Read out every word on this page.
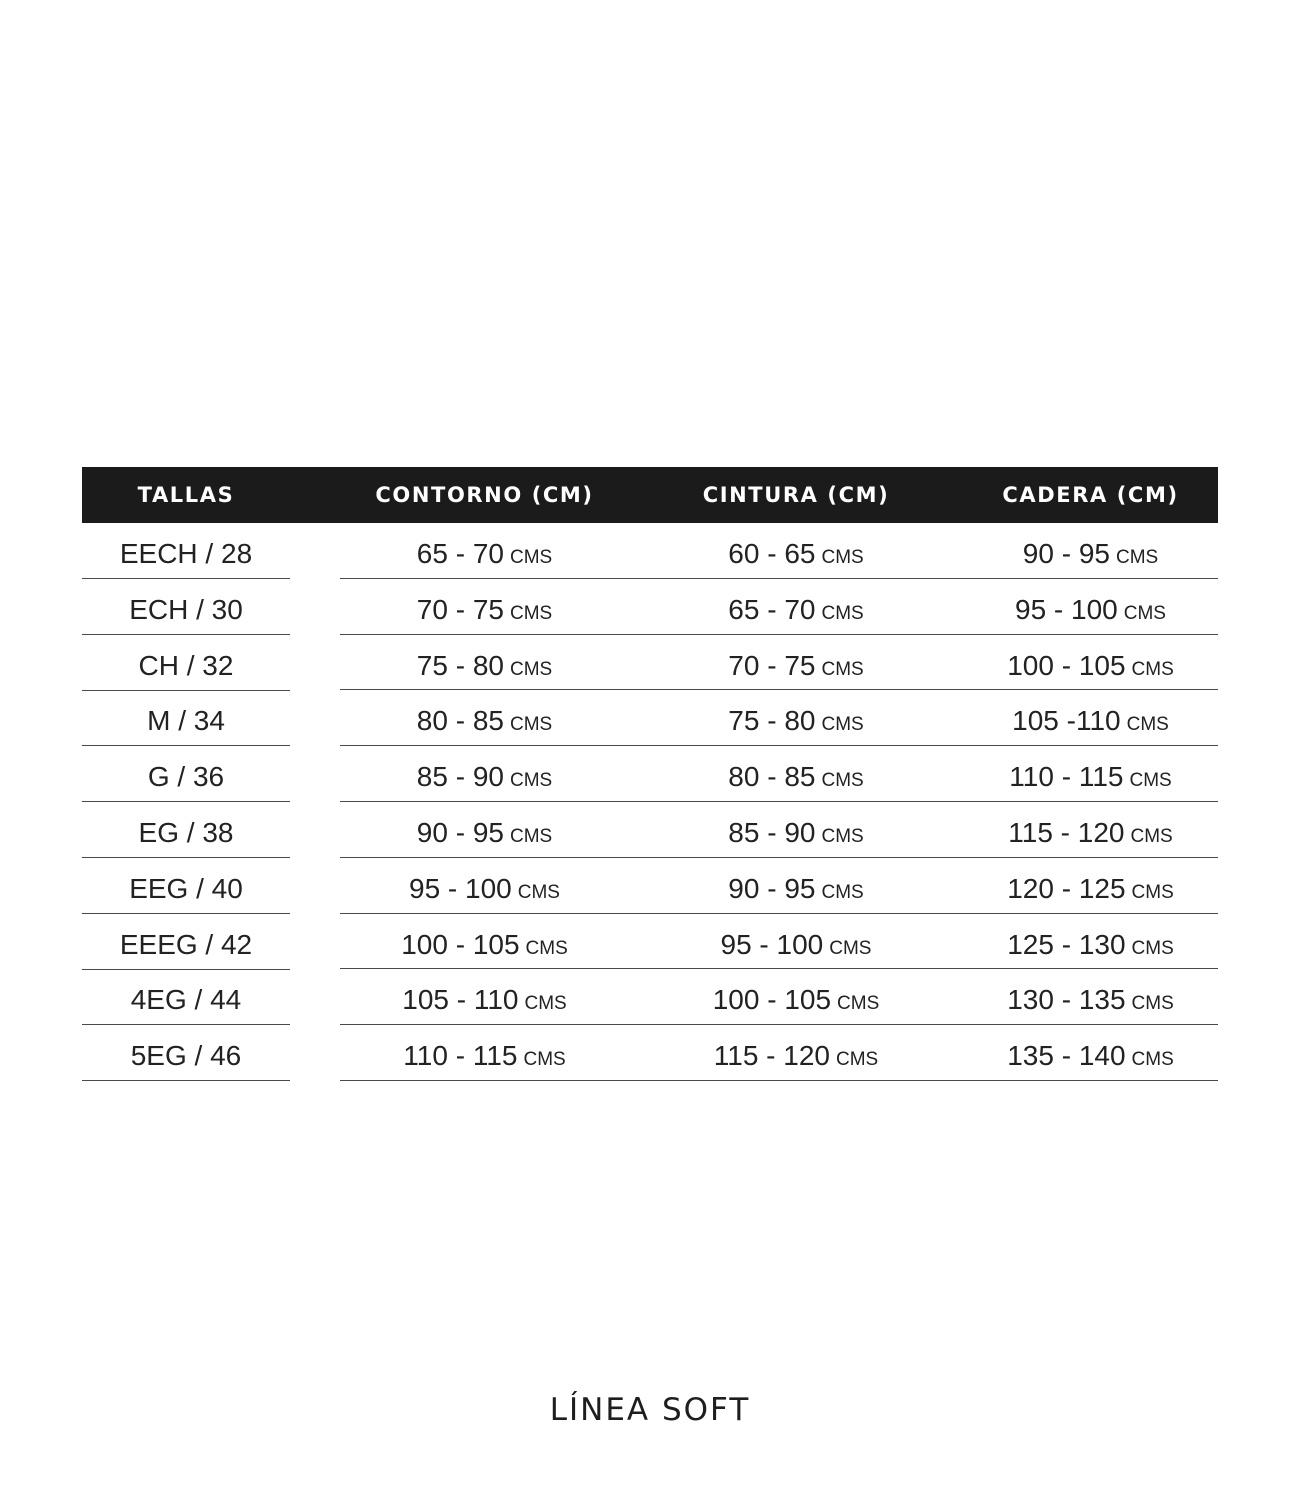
TALLAS	CONTORNO (CM)	CINTURA (CM)	CADERA (CM)
EECH / 28	65 - 70 CMS	60 - 65 CMS	90 - 95 CMS
ECH / 30	70 - 75 CMS	65 - 70 CMS	95 - 100 CMS
CH / 32	75 - 80 CMS	70 - 75 CMS	100 - 105 CMS
M / 34	80 - 85 CMS	75 - 80 CMS	105 -110 CMS
G / 36	85 - 90 CMS	80 - 85 CMS	110 - 115 CMS
EG / 38	90 - 95 CMS	85 - 90 CMS	115 - 120 CMS
EEG / 40	95 - 100 CMS	90 - 95 CMS	120 - 125 CMS
EEEG / 42	100 - 105 CMS	95 - 100 CMS	125 - 130 CMS
4EG / 44	105 - 110 CMS	100 - 105 CMS	130 - 135 CMS
5EG / 46	110 - 115 CMS	115 - 120 CMS	135 - 140 CMS
LÍNEA SOFT
